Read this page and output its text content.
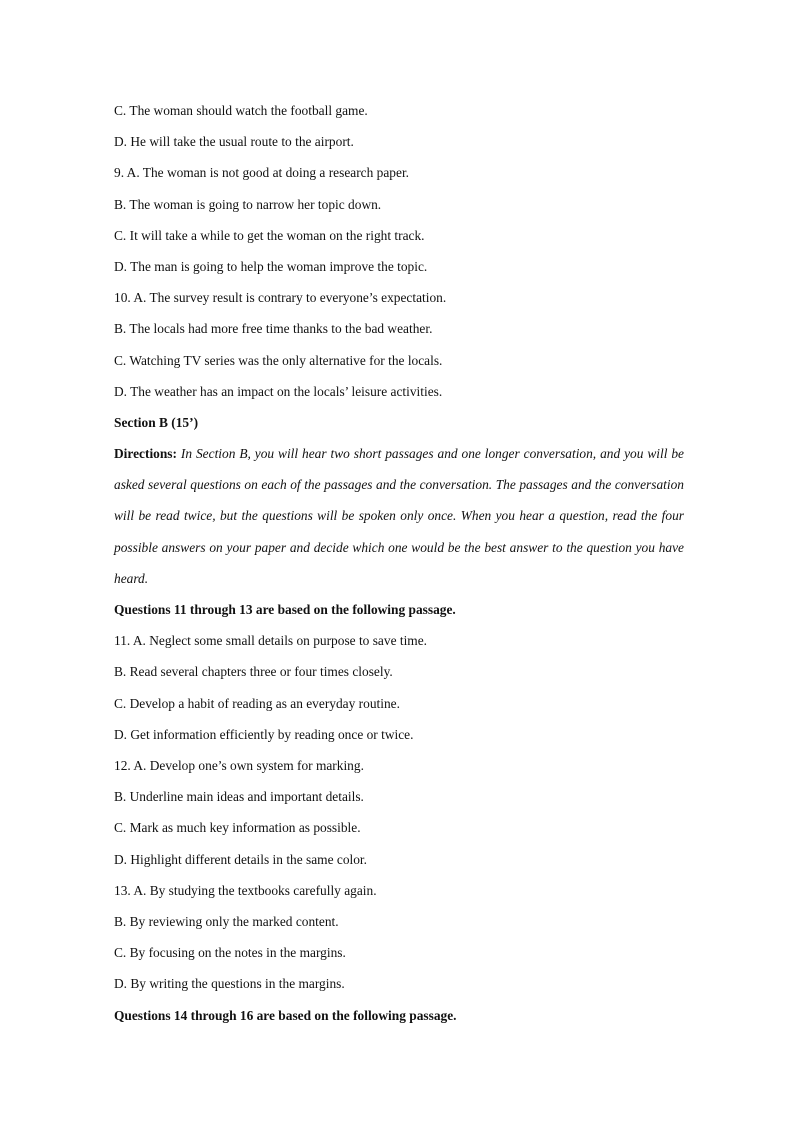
C. The woman should watch the football game.
D. He will take the usual route to the airport.
9. A. The woman is not good at doing a research paper.
B. The woman is going to narrow her topic down.
C. It will take a while to get the woman on the right track.
D. The man is going to help the woman improve the topic.
10. A. The survey result is contrary to everyone’s expectation.
B. The locals had more free time thanks to the bad weather.
C. Watching TV series was the only alternative for the locals.
D. The weather has an impact on the locals’ leisure activities.
Section B (15’)
Directions: In Section B, you will hear two short passages and one longer conversation, and you will be asked several questions on each of the passages and the conversation. The passages and the conversation will be read twice, but the questions will be spoken only once. When you hear a question, read the four possible answers on your paper and decide which one would be the best answer to the question you have heard.
Questions 11 through 13 are based on the following passage.
11. A. Neglect some small details on purpose to save time.
B. Read several chapters three or four times closely.
C. Develop a habit of reading as an everyday routine.
D. Get information efficiently by reading once or twice.
12. A. Develop one’s own system for marking.
B. Underline main ideas and important details.
C. Mark as much key information as possible.
D. Highlight different details in the same color.
13. A. By studying the textbooks carefully again.
B. By reviewing only the marked content.
C. By focusing on the notes in the margins.
D. By writing the questions in the margins.
Questions 14 through 16 are based on the following passage.
